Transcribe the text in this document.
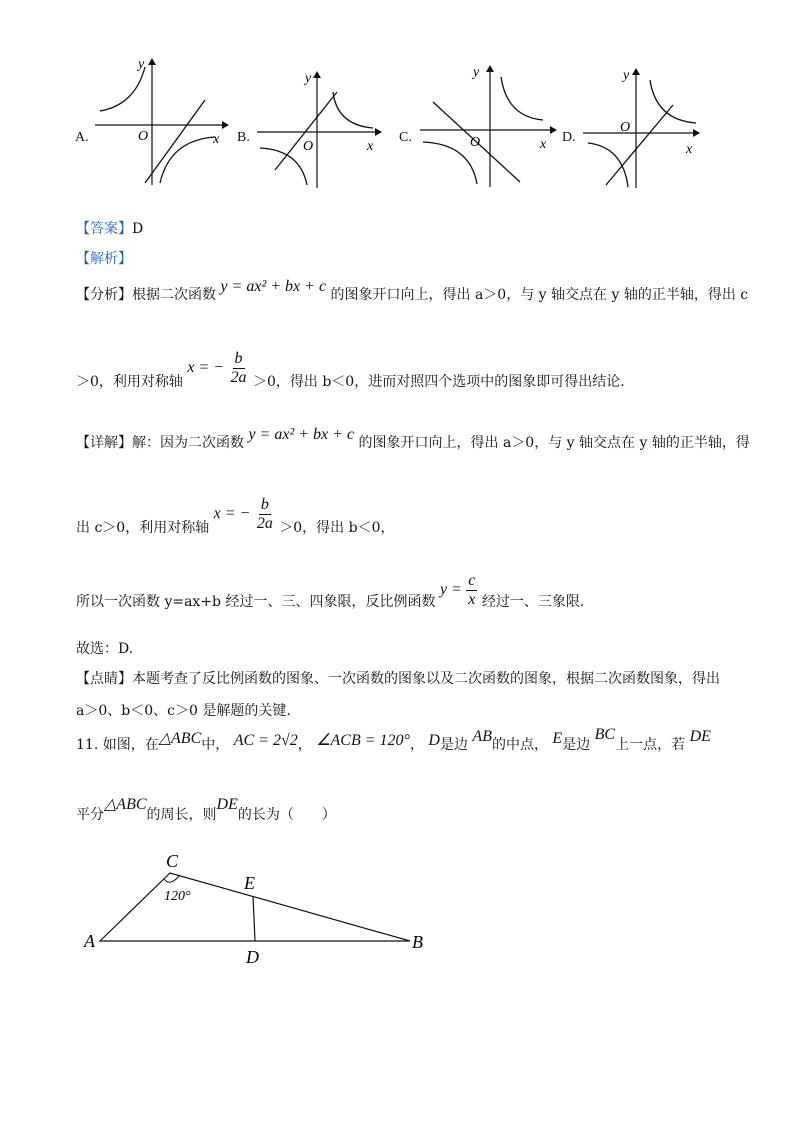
A.
y
O	x B.
y
O	x
C.
y
O	x D.
y
O
x
【答案】D
【解析】
【分析】根据二次函数 y = ax² + bx + c 的图象开口向上，得出 a＞0，与 y 轴交点在 y 轴的正半轴，得出 c
＞0，利用对称轴 x = − $\frac{b}{2a} >0$，得出 b＜0，进而对照四个选项中的图象即可得出结论.
【详解】解：因为二次函数 y = ax² + bx + c 的图象开口向上，得出 a＞0，与 y 轴交点在 y 轴的正半轴，得
出 c＞0，利用对称轴 x = − $\frac{b}{2a} >0$，得出 b＜0，
所以一次函数 y=ax+b 经过一、三、四象限，反比例函数 $y = \frac{c}{x}$ 经过一、三象限.
故选：D.
【点睛】本题考查了反比例函数的图象、一次函数的图象以及二次函数的图象，根据二次函数图象，得出
a＞0、b＜0、c＞0 是解题的关键.
11. 如图，在△ABC中， AC = 2√2， ∠ACB = 120°， D是边 AB的中点， E是边 BC上一点，若 DE
平分△ABC的周长，则DE的长为（　　）
C
A	B
D
E
120°
